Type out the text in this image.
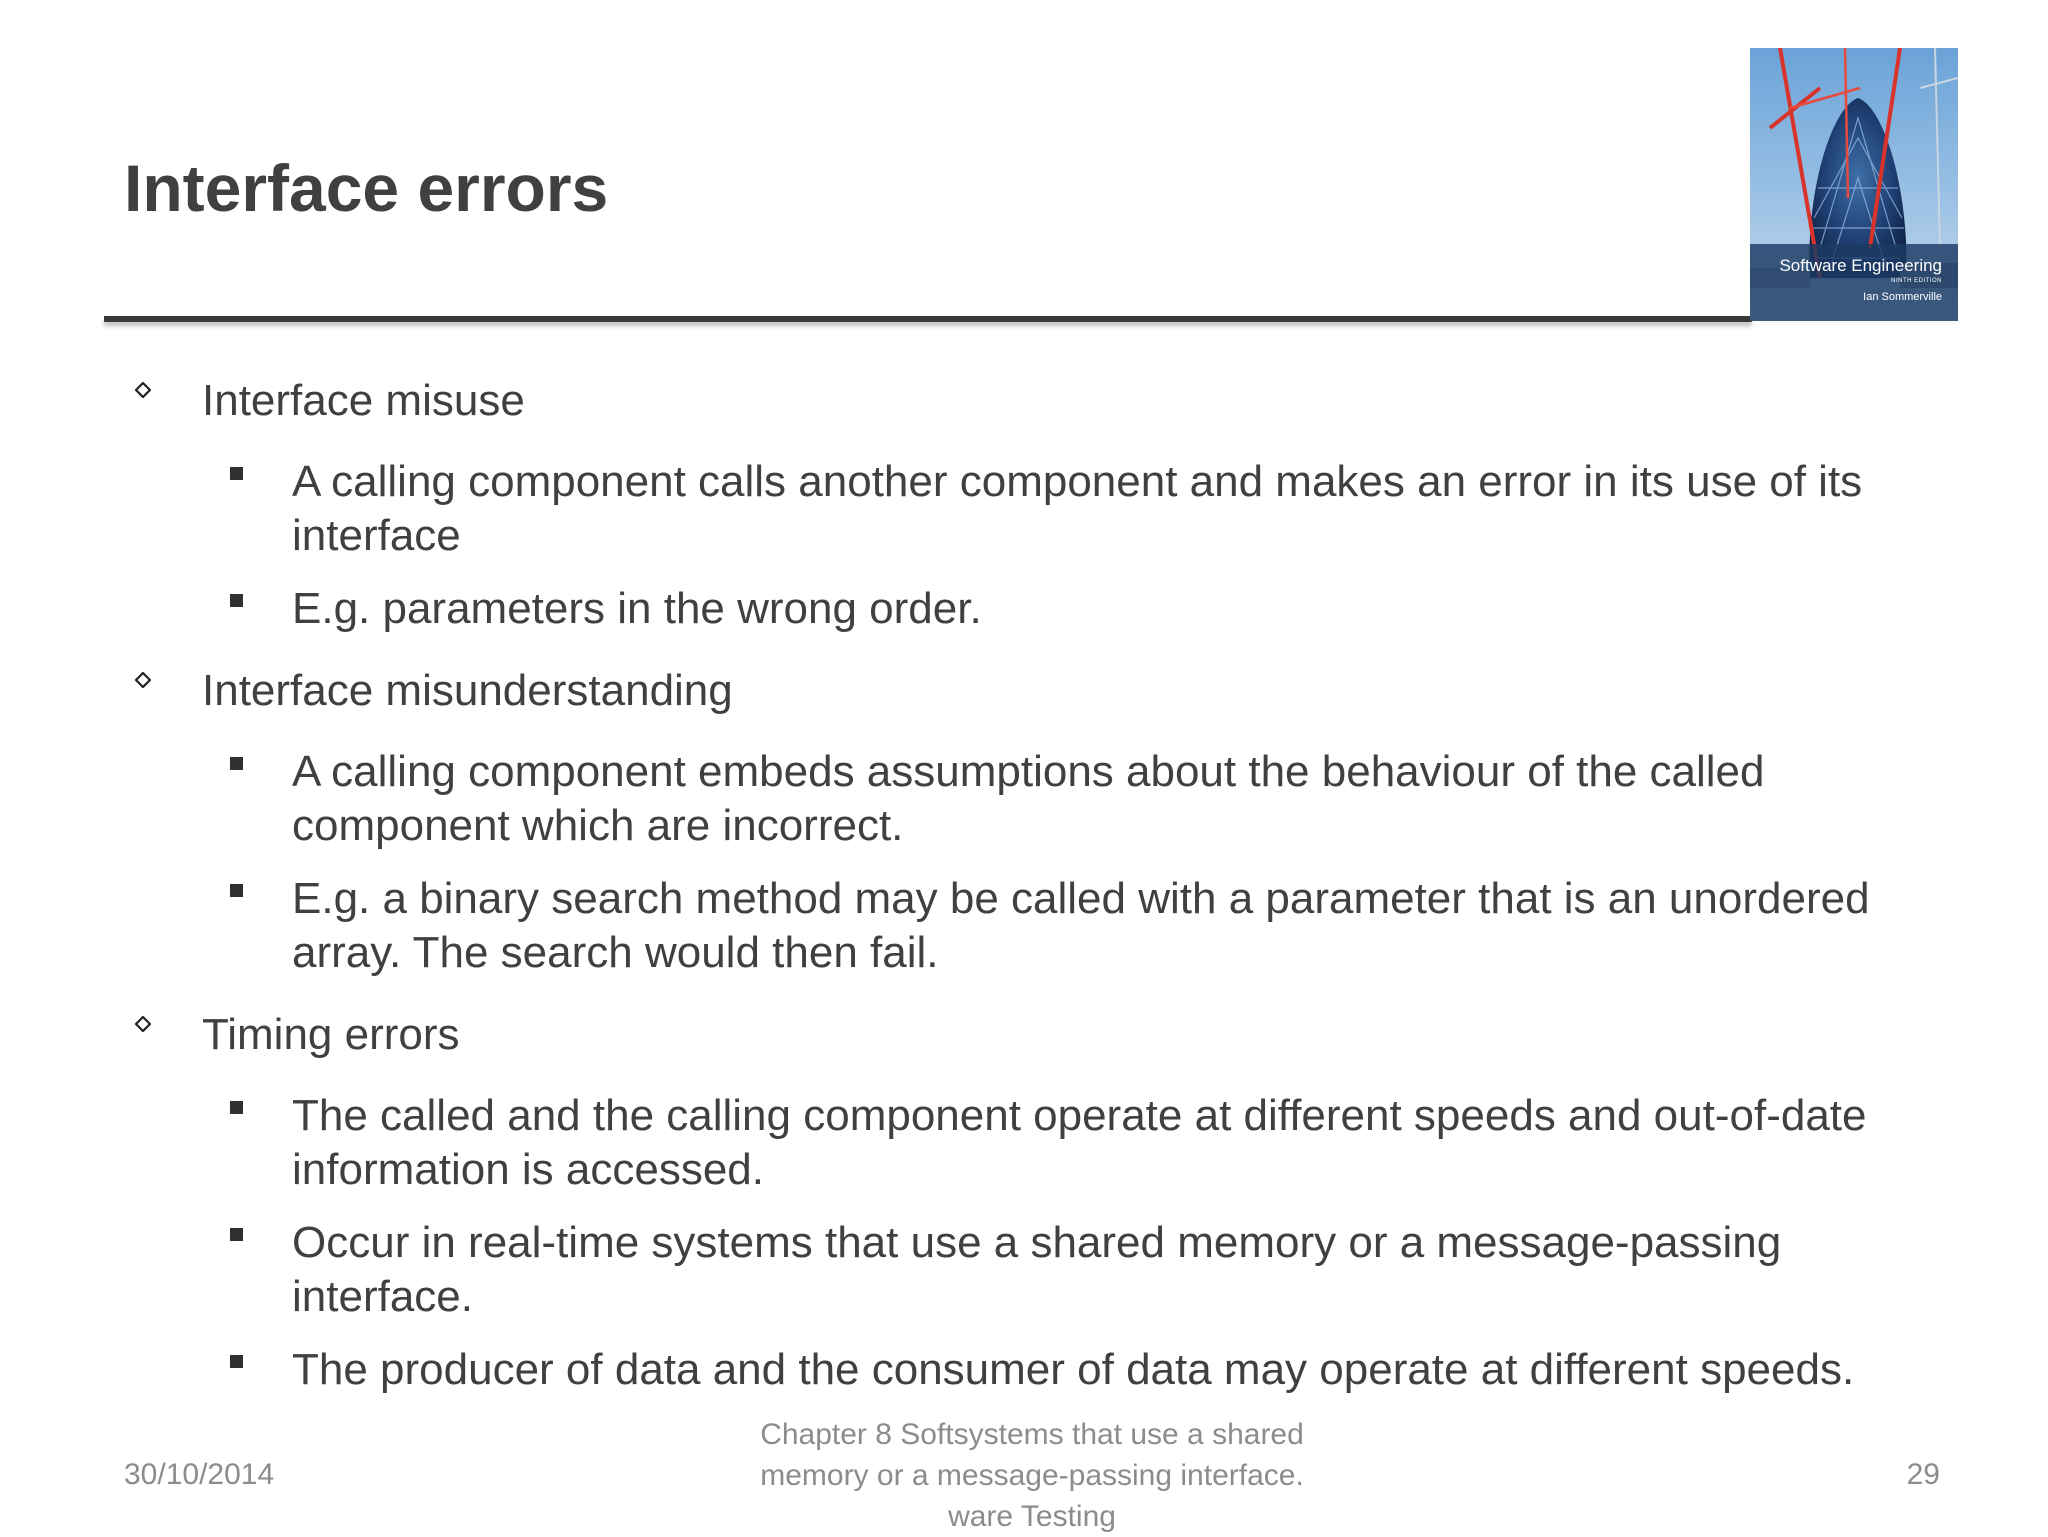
Interface errors
Software Engineering
NINTH EDITION
Ian Sommerville
Interface misuse
A calling component calls another component and makes an error in its use of its interface
E.g. parameters in the wrong order.
Interface misunderstanding
A calling component embeds assumptions about the behaviour of the called component which are incorrect.
E.g. a binary search method may be called with a parameter that is an unordered array. The search would then fail.
Timing errors
The called and the calling component operate at different speeds and out-of-date information is accessed.
Occur in real-time systems that use a shared memory or a message-passing interface.
The producer of data and the consumer of data may operate at different speeds.
30/10/2014
Chapter 8 Softsystems that use a shared
memory or a message-passing interface.
ware Testing
29
